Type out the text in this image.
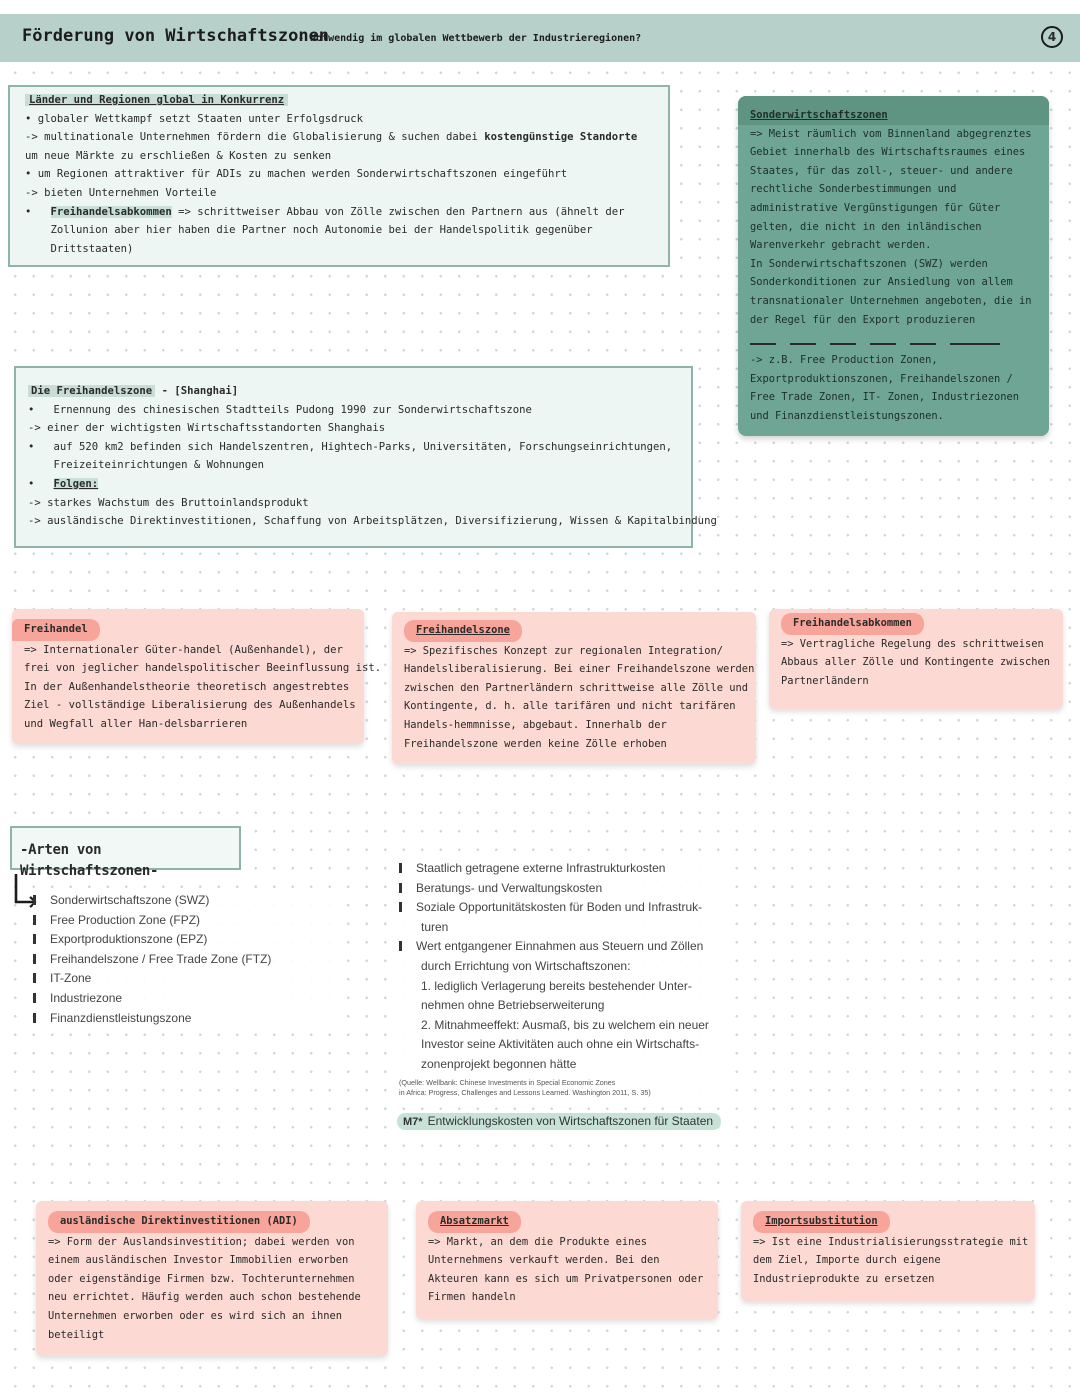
Förderung von Wirtschaftszonen
- Notwendig im globalen Wettbewerb der Industrieregionen?	4
Länder und Regionen global in Konkurrenz
• globaler Wettkampf setzt Staaten unter Erfolgsdruck
-> multinationale Unternehmen fördern die Globalisierung & suchen dabei kostengünstige Standorte
um neue Märkte zu erschließen & Kosten zu senken
• um Regionen attraktiver für ADIs zu machen werden Sonderwirtschaftszonen eingeführt
-> bieten Unternehmen Vorteile
•   Freihandelsabkommen => schrittweiser Abbau von Zölle zwischen den Partnern aus (ähnelt der
Zollunion aber hier haben die Partner noch Autonomie bei der Handelspolitik gegenüber
Drittstaaten)
Sonderwirtschaftszonen
=> Meist räumlich vom Binnenland abgegrenztes
Gebiet innerhalb des Wirtschaftsraumes eines
Staates, für das zoll-, steuer- und andere
rechtliche Sonderbestimmungen und
administrative Vergünstigungen für Güter
gelten, die nicht in den inländischen
Warenverkehr gebracht werden.
In Sonderwirtschaftszonen (SWZ) werden
Sonderkonditionen zur Ansiedlung von allem
transnationaler Unternehmen angeboten, die in
der Regel für den Export produzieren
-> z.B. Free Production Zonen,
Exportproduktionszonen, Freihandelszonen /
Free Trade Zonen, IT- Zonen, Industriezonen
und Finanzdienstleistungszonen.
Die Freihandelszone - [Shanghai]
•   Ernennung des chinesischen Stadtteils Pudong 1990 zur Sonderwirtschaftszone
-> einer der wichtigsten Wirtschaftsstandorten Shanghais
•   auf 520 km2 befinden sich Handelszentren, Hightech-Parks, Universitäten, Forschungseinrichtungen,
Freizeiteinrichtungen & Wohnungen
•   Folgen:
-> starkes Wachstum des Bruttoinlandsprodukt
-> ausländische Direktinvestitionen, Schaffung von Arbeitsplätzen, Diversifizierung, Wissen & Kapitalbindung
Freihandel
=> Internationaler Güter-handel (Außenhandel), der
frei von jeglicher handelspolitischer Beeinflussung ist.
In der Außenhandelstheorie theoretisch angestrebtes
Ziel - vollständige Liberalisierung des Außenhandels
und Wegfall aller Han-delsbarrieren
Freihandelszone
=> Spezifisches Konzept zur regionalen Integration/
Handelsliberalisierung. Bei einer Freihandelszone werden
zwischen den Partnerländern schrittweise alle Zölle und
Kontingente, d. h. alle tarifären und nicht tarifären
Handels-hemmnisse, abgebaut. Innerhalb der
Freihandelszone werden keine Zölle erhoben
Freihandelsabkommen
=> Vertragliche Regelung des schrittweisen
Abbaus aller Zölle und Kontingente zwischen
Partnerländern
-Arten von Wirtschaftszonen-
Sonderwirtschaftszone (SWZ)
Free Production Zone (FPZ)
Exportproduktionszone (EPZ)
Freihandelszone / Free Trade Zone (FTZ)
IT-Zone
Industriezone
Finanzdienstleistungszone
Staatlich getragene externe Infrastrukturkosten
Beratungs- und Verwaltungskosten
Soziale Opportunitätskosten für Boden und Infrastruk-
turen
Wert entgangener Einnahmen aus Steuern und Zöllen
durch Errichtung von Wirtschaftszonen:
1. lediglich Verlagerung bereits bestehender Unter-
nehmen ohne Betriebserweiterung
2. Mitnahmeeffekt: Ausmaß, bis zu welchem ein neuer
Investor seine Aktivitäten auch ohne ein Wirtschafts-
zonenprojekt begonnen hätte
(Quelle: Wellbank: Chinese Investments in Special Economic Zones
in Africa: Progress, Challenges and Lessons Learned. Washington 2011, S. 35)
M7* Entwicklungskosten von Wirtschaftszonen für Staaten
ausländische Direktinvestitionen (ADI)
=> Form der Auslandsinvestition; dabei werden von
einem ausländischen Investor Immobilien erworben
oder eigenständige Firmen bzw. Tochterunternehmen
neu errichtet. Häufig werden auch schon bestehende
Unternehmen erworben oder es wird sich an ihnen
beteiligt
Absatzmarkt
=> Markt, an dem die Produkte eines
Unternehmens verkauft werden. Bei den
Akteuren kann es sich um Privatpersonen oder
Firmen handeln
Importsubstitution
=> Ist eine Industrialisierungsstrategie mit
dem Ziel, Importe durch eigene
Industrieprodukte zu ersetzen
